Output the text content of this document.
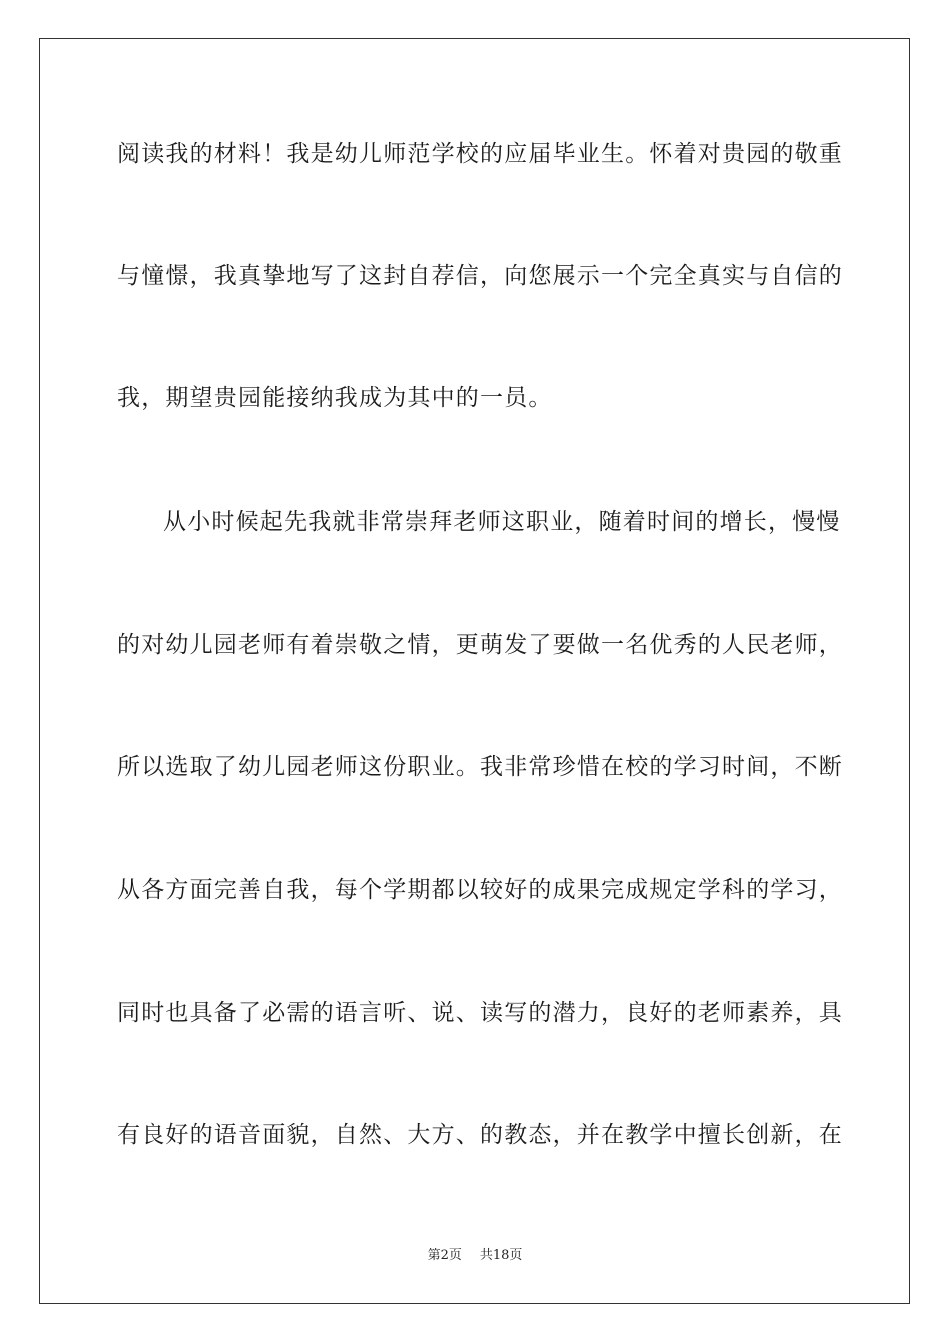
阅读我的材料！我是幼儿师范学校的应届毕业生。怀着对贵园的敬重
与憧憬，我真挚地写了这封自荐信，向您展示一个完全真实与自信的
我，期望贵园能接纳我成为其中的一员。
从小时候起先我就非常崇拜老师这职业，随着时间的增长，慢慢
的对幼儿园老师有着崇敬之情，更萌发了要做一名优秀的人民老师，
所以选取了幼儿园老师这份职业。我非常珍惜在校的学习时间，不断
从各方面完善自我，每个学期都以较好的成果完成规定学科的学习，
同时也具备了必需的语言听、说、读写的潜力，良好的老师素养，具
有良好的语音面貌，自然、大方、的教态，并在教学中擅长创新，在
第2页 共18页
